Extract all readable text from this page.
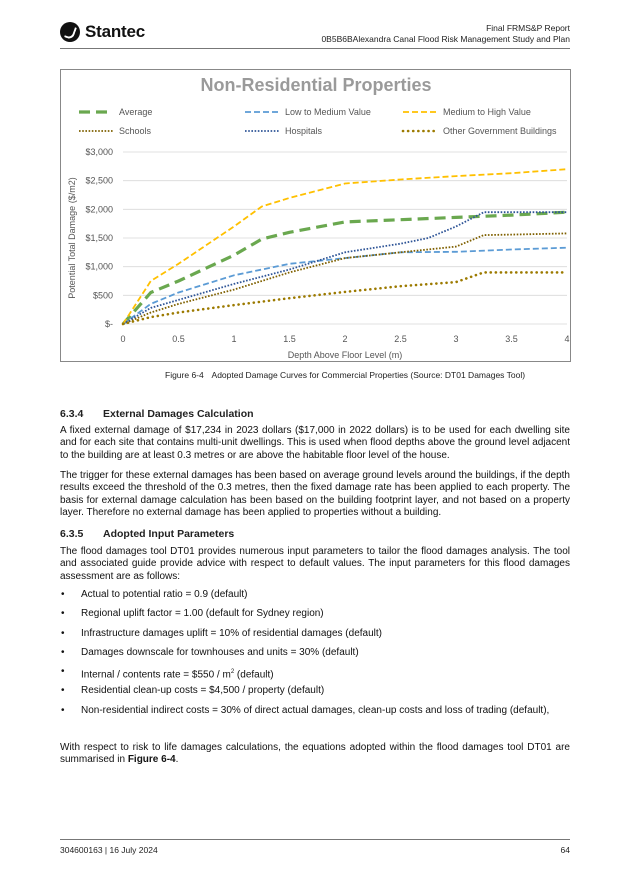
Stantec	Final FRMS&P Report
0B5B6BAlexandra Canal Flood Risk Management Study and Plan
Non-Residential Properties
$-
$500
$1,000
$1,500
$2,000
$2,500
$3,000
0	0.5	1	1.5	2	2.5	3	3.5	4
Depth Above Floor Level (m)
Potential Total Damage ($/m2)
Average	Low to Medium Value	Medium to High Value
Schools	Hospitals	Other Government Buildings
Figure 6-4 Adopted Damage Curves for Commercial Properties (Source: DT01 Damages Tool)
6.3.4 External Damages Calculation

A fixed external damage of $17,234 in 2023 dollars ($17,000 in 2022 dollars) is to be used for each dwelling site and for each site that contains multi-unit dwellings. This is used when flood depths above the ground level adjacent to the building are at least 0.3 metres or are above the habitable floor level of the house.

The trigger for these external damages has been based on average ground levels around the buildings, if the depth results exceed the threshold of the 0.3 metres, then the fixed damage rate has been applied to each property. The basis for external damage calculation has been based on the building footprint layer, and not based on a property layer. Therefore no external damage has been applied to properties without a building.

6.3.5 Adopted Input Parameters

The flood damages tool DT01 provides numerous input parameters to tailor the flood damages analysis. The tool and associated guide provide advice with respect to default values. The input parameters for this flood damages assessment are as follows:

• Actual to potential ratio = 0.9 (default)
• Regional uplift factor = 1.00 (default for Sydney region)
• Infrastructure damages uplift = 10% of residential damages (default)
• Damages downscale for townhouses and units = 30% (default)
• Internal / contents rate = $550 / $m^2$ (default)
• Residential clean-up costs = $4,500 / property (default)
• Non-residential indirect costs = 30% of direct actual damages, clean-up costs and loss of trading (default),

With respect to risk to life damages calculations, the equations adopted within the flood damages tool DT01 are summarised in Figure 6-4.

304600163 | 16 July 2024	64
